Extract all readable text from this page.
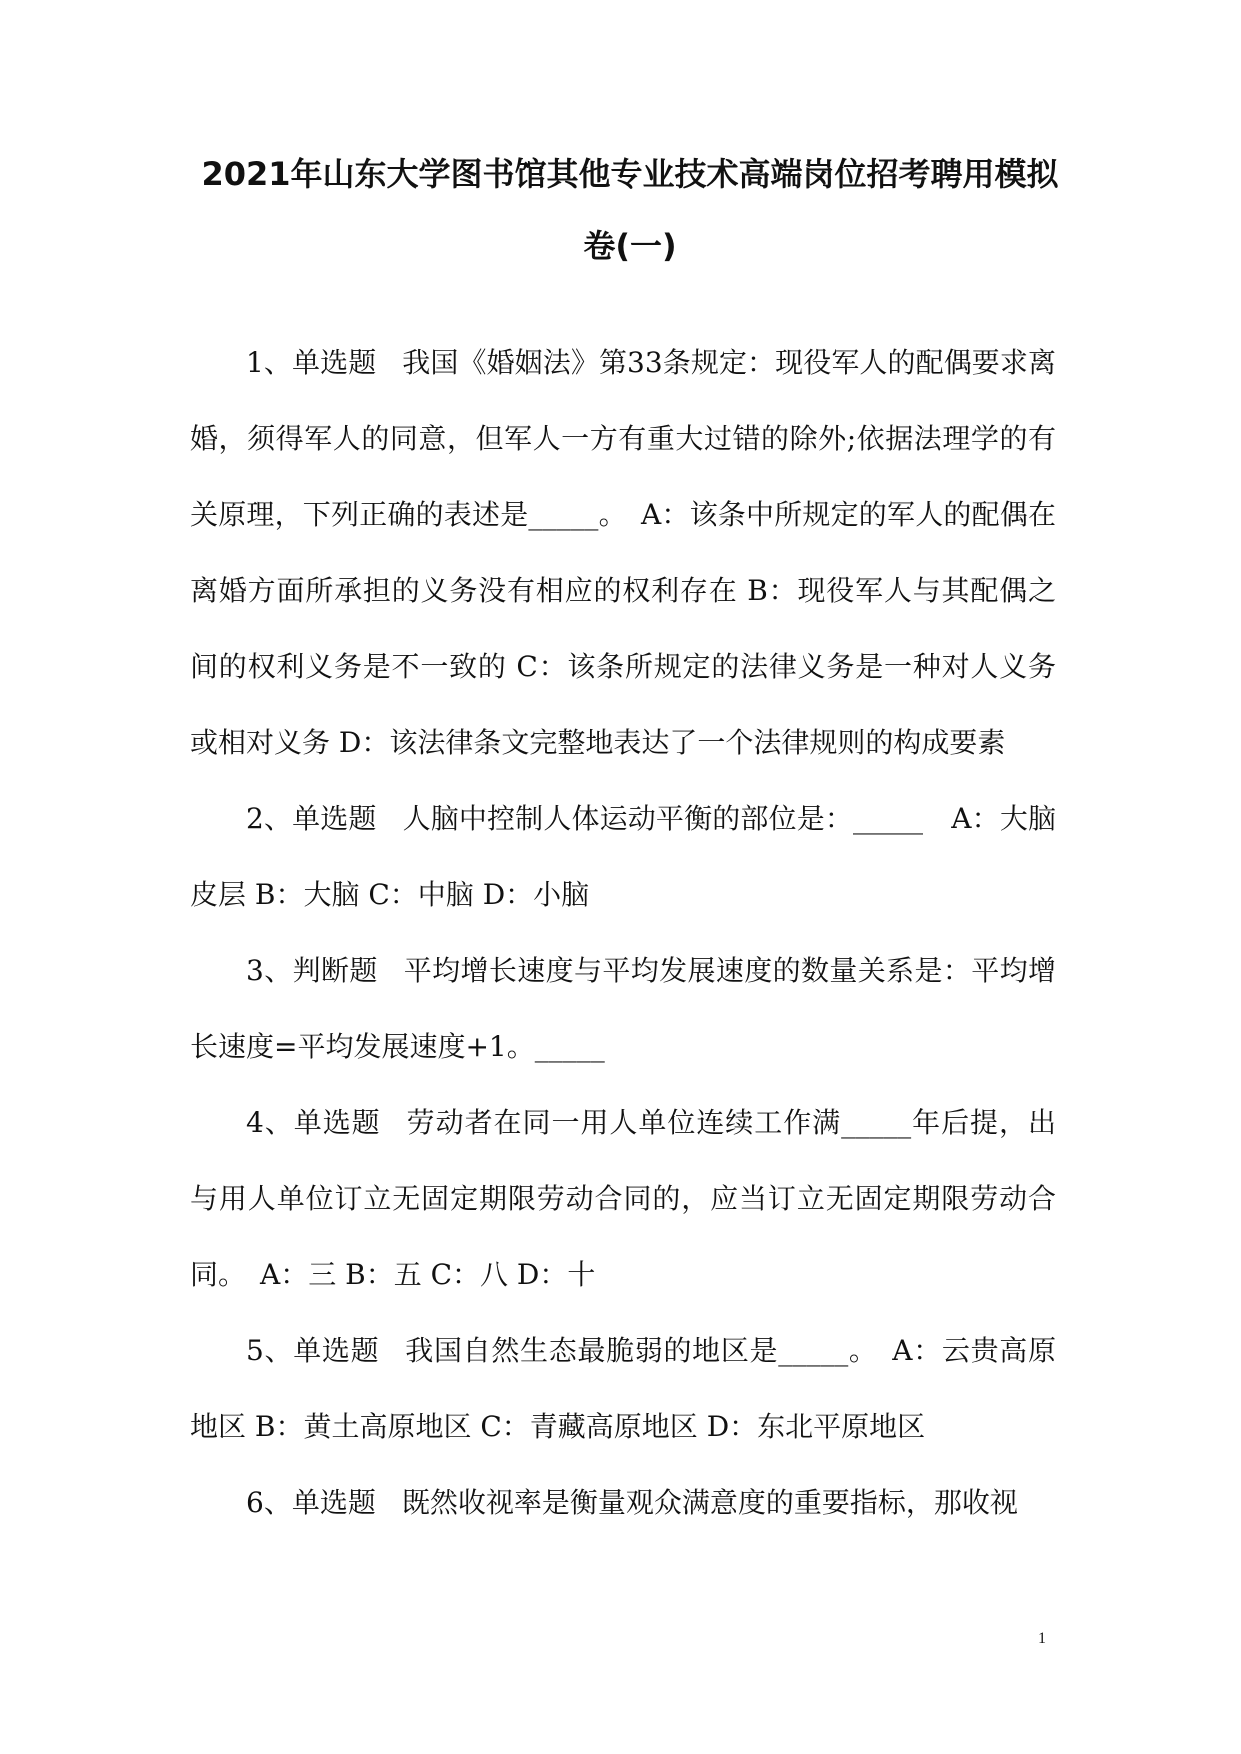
2021年山东大学图书馆其他专业技术高端岗位招考聘用模拟卷(一)

1、单选题 我国《婚姻法》第33条规定：现役军人的配偶要求离婚，须得军人的同意，但军人一方有重大过错的除外;依据法理学的有关原理，下列正确的表述是_____。　A：该条中所规定的军人的配偶在离婚方面所承担的义务没有相应的权利存在 B：现役军人与其配偶之间的权利义务是不一致的 C：该条所规定的法律义务是一种对人义务或相对义务 D：该法律条文完整地表达了一个法律规则的构成要素

2、单选题 人脑中控制人体运动平衡的部位是：_____　A：大脑皮层 B：大脑 C：中脑 D：小脑

3、判断题 平均增长速度与平均发展速度的数量关系是：平均增长速度=平均发展速度+1。_____

4、单选题 劳动者在同一用人单位连续工作满_____年后提，出与用人单位订立无固定期限劳动合同的，应当订立无固定期限劳动合同。　A：三 B：五 C：八 D：十

5、单选题 我国自然生态最脆弱的地区是_____。　A：云贵高原地区 B：黄土高原地区 C：青藏高原地区 D：东北平原地区

6、单选题 既然收视率是衡量观众满意度的重要指标，那收视

1
